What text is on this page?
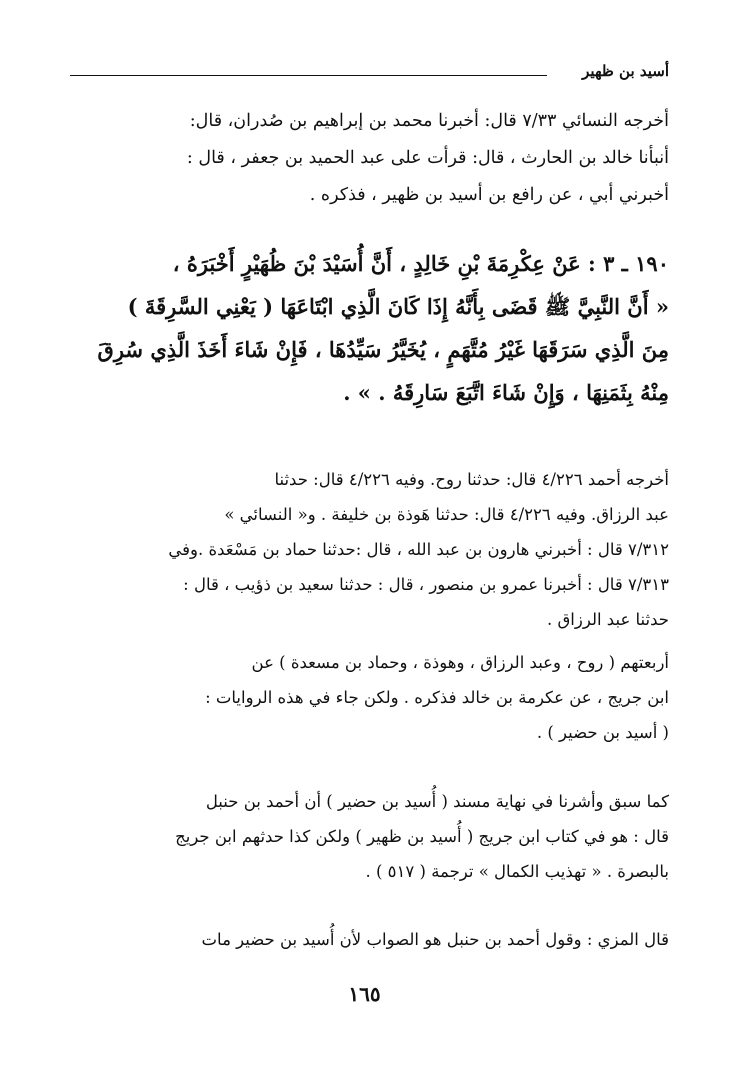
أسيد بن ظهير
أخرجه النسائي ٧/٣٣ قال: أخبرنا محمد بن إبراهيم بن صُدران، قال:
أنبأنا خالد بن الحارث ، قال: قرأت على عبد الحميد بن جعفر ، قال :
أخبرني أبي ، عن رافع بن أسيد بن ظهير ، فذكره .
١٩٠ ـ ٣ : عَنْ عِكْرِمَةَ بْنِ خَالِدٍ ، أَنَّ أُسَيْدَ بْنَ ظُهَيْرٍ أَخْبَرَهُ ،
« أَنَّ النَّبِيَّ ﷺ قَضَى بِأَنَّهُ إِذَا كَانَ الَّذِي ابْتَاعَهَا ( يَعْنِي السَّرِقَةَ )
مِنَ الَّذِي سَرَقَهَا غَيْرُ مُتَّهَمٍ ، يُخَيَّرُ سَيِّدُهَا ، فَإِنْ شَاءَ أَخَذَ الَّذِي سُرِقَ
مِنْهُ بِثَمَنِهَا ، وَإِنْ شَاءَ اتَّبَعَ سَارِقَهُ . » .
أخرجه أحمد ٤/٢٢٦ قال: حدثنا روح. وفيه ٤/٢٢٦ قال: حدثنا
عبد الرزاق. وفيه ٤/٢٢٦ قال: حدثنا هَوذة بن خليفة . و« النسائي »
٧/٣١٢ قال : أخبرني هارون بن عبد الله ، قال :حدثنا حماد بن مَسْعَدة .وفي
٧/٣١٣ قال : أخبرنا عمرو بن منصور ، قال : حدثنا سعيد بن ذؤيب ، قال :
حدثنا عبد الرزاق .
أربعتهم ( روح ، وعبد الرزاق ، وهوذة ، وحماد بن مسعدة ) عن
ابن جريج ، عن عكرمة بن خالد فذكره . ولكن جاء في هذه الروايات :
( أسيد بن حضير ) .
كما سبق وأشرنا في نهاية مسند ( أُسيد بن حضير ) أن أحمد بن حنبل
قال : هو في كتاب ابن جريج ( أُسيد بن ظهير ) ولكن كذا حدثهم ابن جريج
بالبصرة . « تهذيب الكمال » ترجمة ( ٥١٧ ) .
قال المزي : وقول أحمد بن حنبل هو الصواب لأن أُسيد بن حضير مات
١٦٥
